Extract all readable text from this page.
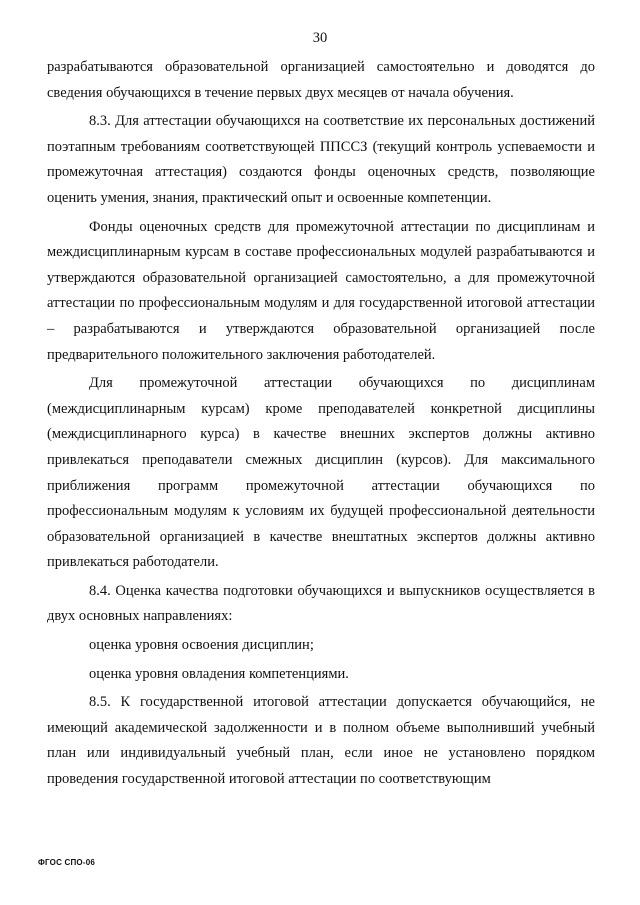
30

разрабатываются образовательной организацией самостоятельно и доводятся до сведения обучающихся в течение первых двух месяцев от начала обучения.

8.3. Для аттестации обучающихся на соответствие их персональных достижений поэтапным требованиям соответствующей ППССЗ (текущий контроль успеваемости и промежуточная аттестация) создаются фонды оценочных средств, позволяющие оценить умения, знания, практический опыт и освоенные компетенции.

Фонды оценочных средств для промежуточной аттестации по дисциплинам и междисциплинарным курсам в составе профессиональных модулей разрабатываются и утверждаются образовательной организацией самостоятельно, а для промежуточной аттестации по профессиональным модулям и для государственной итоговой аттестации – разрабатываются и утверждаются образовательной организацией после предварительного положительного заключения работодателей.

Для промежуточной аттестации обучающихся по дисциплинам (междисциплинарным курсам) кроме преподавателей конкретной дисциплины (междисциплинарного курса) в качестве внешних экспертов должны активно привлекаться преподаватели смежных дисциплин (курсов). Для максимального приближения программ промежуточной аттестации обучающихся по профессиональным модулям к условиям их будущей профессиональной деятельности образовательной организацией в качестве внештатных экспертов должны активно привлекаться работодатели.

8.4. Оценка качества подготовки обучающихся и выпускников осуществляется в двух основных направлениях:

оценка уровня освоения дисциплин;

оценка уровня овладения компетенциями.

8.5. К государственной итоговой аттестации допускается обучающийся, не имеющий академической задолженности и в полном объеме выполнивший учебный план или индивидуальный учебный план, если иное не установлено порядком проведения государственной итоговой аттестации по соответствующим

ФГОС СПО-06
